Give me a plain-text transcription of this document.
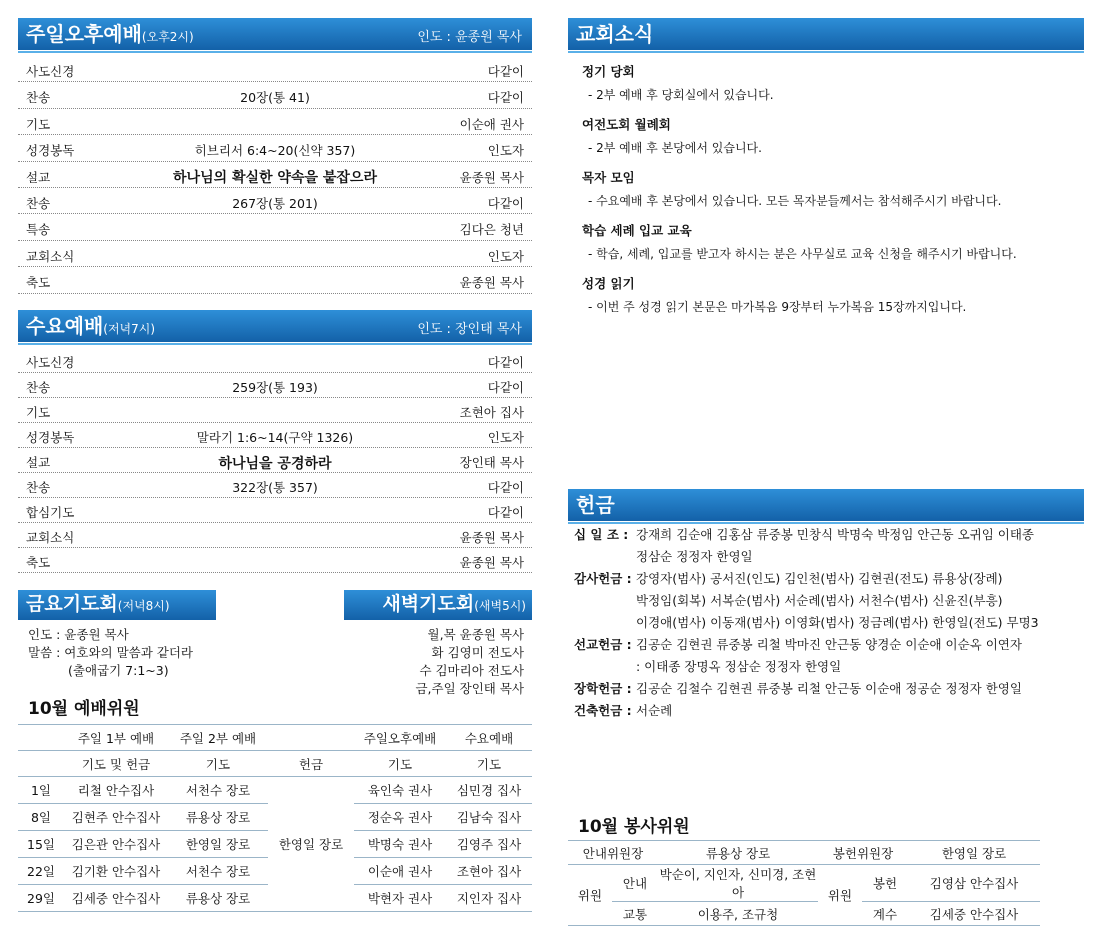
주일오후예배(오후2시)	인도 : 윤종원 목사
사도신경	다같이
찬송	20장(통 41)	다같이
기도	이순애 권사
성경봉독	히브리서 6:4~20(신약 357)	인도자
설교	하나님의 확실한 약속을 붙잡으라	윤종원 목사
찬송	267장(통 201)	다같이
특송	김다은 청년
교회소식	인도자
축도	윤종원 목사
수요예배(저녁7시)	인도 : 장인태 목사
사도신경	다같이
찬송	259장(통 193)	다같이
기도	조현아 집사
성경봉독	말라기 1:6~14(구약 1326)	인도자
설교	하나님을 공경하라	장인태 목사
찬송	322장(통 357)	다같이
합심기도	다같이
교회소식	윤종원 목사
축도	윤종원 목사
금요기도회(저녁8시)	새벽기도회(새벽5시)
인도 : 윤종원 목사
말씀 : 여호와의 말씀과 같더라
(출애굽기 7:1~3)
월,목 윤종원 목사
화 김영미 전도사
수 김마리아 전도사
금,주일 장인태 목사
10월 예배위원
	주일 1부 예배	주일 2부 예배		주일오후예배	수요예배
	기도 및 헌금	기도	헌금	기도	기도
1일	리철 안수집사	서천수 장로	한영일 장로	육인숙 권사	심민경 집사
8일	김현주 안수집사	류용상 장로		정순옥 권사	김남숙 집사
15일	김은관 안수집사	한영일 장로		박명숙 권사	김영주 집사
22일	김기환 안수집사	서천수 장로		이순애 권사	조현아 집사
29일	김세중 안수집사	류용상 장로		박현자 권사	지인자 집사
교회소식
정기 당회
- 2부 예배 후 당회실에서 있습니다.
여전도회 월례회
- 2부 예배 후 본당에서 있습니다.
목자 모임
- 수요예배 후 본당에서 있습니다. 모든 목자분들께서는 참석해주시기 바랍니다.
학습 세례 입교 교육
- 학습, 세례, 입교를 받고자 하시는 분은 사무실로 교육 신청을 해주시기 바랍니다.
성경 읽기
- 이번 주 성경 읽기 본문은 마가복음 9장부터 누가복음 15장까지입니다.
헌금
십 일 조 : 강재희 김순애 김홍삼 류중봉 민창식 박명숙 박정임 안근동 오귀임 이태종
정삼순 정정자 한영일
감사헌금 : 강영자(범사) 공서진(인도) 김인천(범사) 김현권(전도) 류용상(장례)
박정임(회복) 서복순(범사) 서순례(범사) 서천수(범사) 신윤진(부흥)
이경애(범사) 이동재(범사) 이영화(범사) 정금례(범사) 한영일(전도) 무명3
선교헌금 : 김공순 김현권 류중봉 리철 박마진 안근동 양경순 이순애 이순옥 이연자
: 이태종 장명옥 정삼순 정정자 한영일
장학헌금 : 김공순 김철수 김현권 류중봉 리철 안근동 이순애 정공순 정정자 한영일
건축헌금 : 서순례
10월 봉사위원
안내위원장		류용상 장로	봉헌위원장		한영일 장로
위원	안내	박순이, 지인자, 신미경, 조현아	위원	봉헌	김영삼 안수집사
	교통	이용주, 조규청		계수	김세중 안수집사
